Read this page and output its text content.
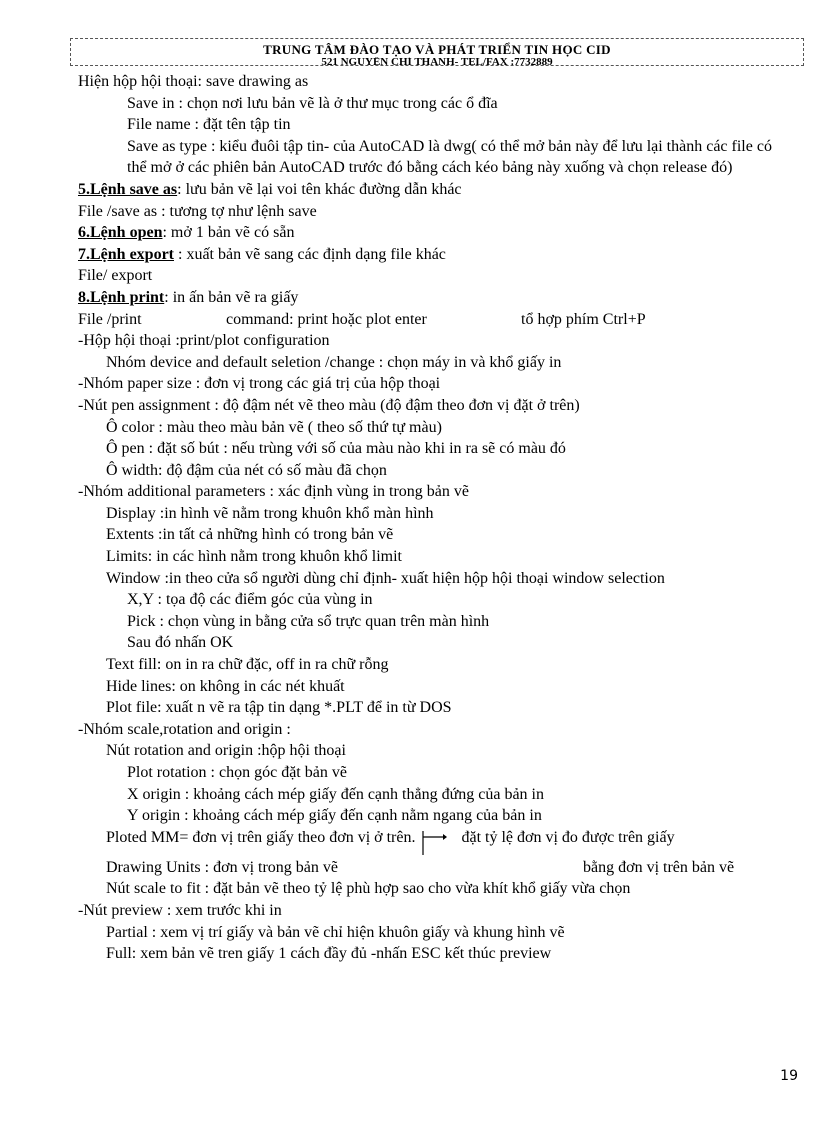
TRUNG TÂM ĐÀO TẠO VÀ PHÁT TRIỂN TIN HỌC CID
521 NGUYỄN CHÍ THANH- TEL/FAX :7732889
Hiện hộp hội thoại: save drawing as
Save in : chọn nơi lưu bản vẽ là ở thư mục trong các ổ đĩa
File name : đặt tên tập tin
Save as type : kiểu đuôi tập tin- của AutoCAD là dwg( có thể mở bản này để lưu lại thành các file có thể mở ở các phiên bản AutoCAD trước đó bằng cách kéo bảng này xuống và chọn release đó)
5.Lệnh save as: lưu bản vẽ lại voi tên khác đường dẫn khác
File /save as : tương tợ như lệnh save
6.Lệnh open: mở 1 bản vẽ có sẵn
7.Lệnh export : xuất bản vẽ sang các định dạng file khác
File/ export
8.Lệnh print: in ấn bản vẽ ra giấy
File /print	command: print hoặc plot enter	tổ hợp phím Ctrl+P
-Hộp hội thoại :print/plot configuration
Nhóm device and default seletion /change : chọn máy in và khổ giấy in
-Nhóm paper size : đơn vị trong các giá trị của hộp thoại
-Nút pen assignment : độ đậm nét vẽ theo màu (độ đậm theo đơn vị đặt ở trên)
Ô color : màu theo màu bản vẽ ( theo số thứ tự màu)
Ô pen : đặt số bút : nếu trùng với số của màu nào khi in ra sẽ có màu đó
Ô width: độ đậm của nét có số màu đã chọn
-Nhóm additional parameters : xác định vùng in trong bản vẽ
Display :in hình vẽ nằm trong khuôn khổ màn hình
Extents :in tất cả những hình có trong bản vẽ
Limits: in các hình nằm trong khuôn khổ limit
Window :in theo cửa sổ người dùng chỉ định- xuất hiện hộp hội thoại window selection
X,Y : tọa độ các điểm góc của vùng in
Pick : chọn vùng in bằng cửa sổ trực quan trên màn hình
Sau đó nhấn OK
Text fill: on in ra chữ đặc, off in ra chữ rỗng
Hide lines: on không in các nét khuất
Plot file: xuất n vẽ ra tập tin dạng *.PLT để in từ DOS
-Nhóm scale,rotation and origin :
Nút rotation and origin :hộp hội thoại
Plot rotation : chọn góc đặt bản vẽ
X origin : khoảng cách mép giấy đến cạnh thẳng đứng của bản in
Y origin : khoảng cách mép giấy đến cạnh nằm ngang của bản in
Ploted MM= đơn vị trên giấy theo đơn vị ở trên.	đặt tỷ lệ đơn vị đo được trên giấy
Drawing Units : đơn vị trong bản vẽ	bằng đơn vị trên bản vẽ
Nút scale to fit : đặt bản vẽ theo tỷ lệ phù hợp sao cho vừa khít khổ giấy vừa chọn
-Nút preview : xem trước khi in
Partial : xem vị trí giấy và bản vẽ chỉ hiện khuôn giấy và khung hình vẽ
Full: xem bản vẽ tren giấy 1 cách đầy đủ -nhấn ESC kết thúc preview
19
